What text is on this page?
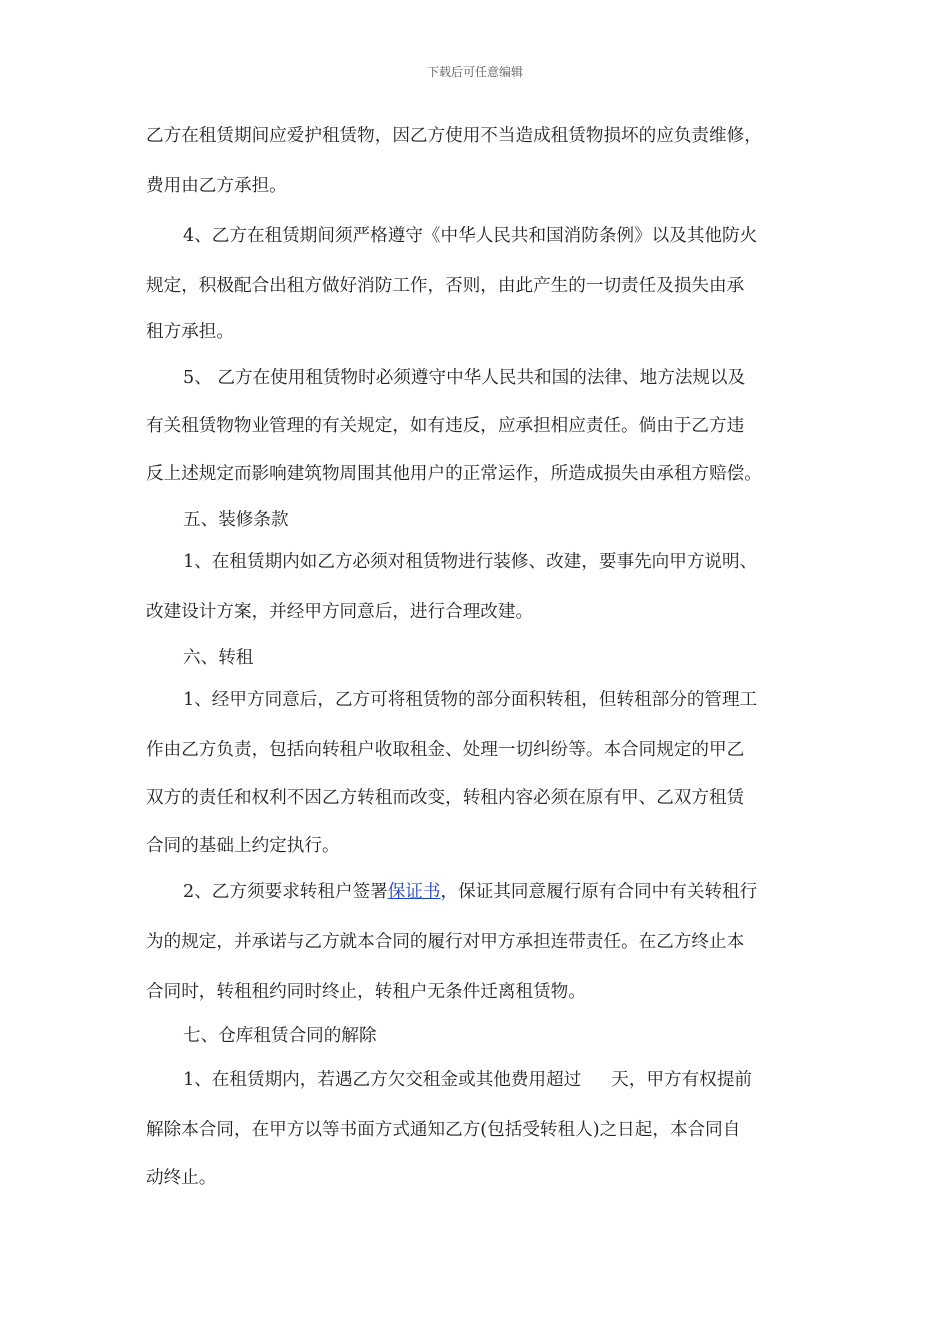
下载后可任意编辑
乙方在租赁期间应爱护租赁物，因乙方使用不当造成租赁物损坏的应负责维修，
费用由乙方承担。
4、乙方在租赁期间须严格遵守《中华人民共和国消防条例》以及其他防火
规定，积极配合出租方做好消防工作，否则，由此产生的一切责任及损失由承
租方承担。
5、 乙方在使用租赁物时必须遵守中华人民共和国的法律、地方法规以及
有关租赁物物业管理的有关规定，如有违反，应承担相应责任。倘由于乙方违
反上述规定而影响建筑物周围其他用户的正常运作，所造成损失由承租方赔偿。
五、装修条款
1、在租赁期内如乙方必须对租赁物进行装修、改建，要事先向甲方说明、
改建设计方案，并经甲方同意后，进行合理改建。
六、转租
1、经甲方同意后，乙方可将租赁物的部分面积转租，但转租部分的管理工
作由乙方负责，包括向转租户收取租金、处理一切纠纷等。本合同规定的甲乙
双方的责任和权利不因乙方转租而改变，转租内容必须在原有甲、乙双方租赁
合同的基础上约定执行。
2、乙方须要求转租户签署保证书，保证其同意履行原有合同中有关转租行
为的规定，并承诺与乙方就本合同的履行对甲方承担连带责任。在乙方终止本
合同时，转租租约同时终止，转租户无条件迁离租赁物。
七、仓库租赁合同的解除
1、在租赁期内，若遇乙方欠交租金或其他费用超过 天，甲方有权提前
解除本合同，在甲方以等书面方式通知乙方(包括受转租人)之日起，本合同自
动终止。
